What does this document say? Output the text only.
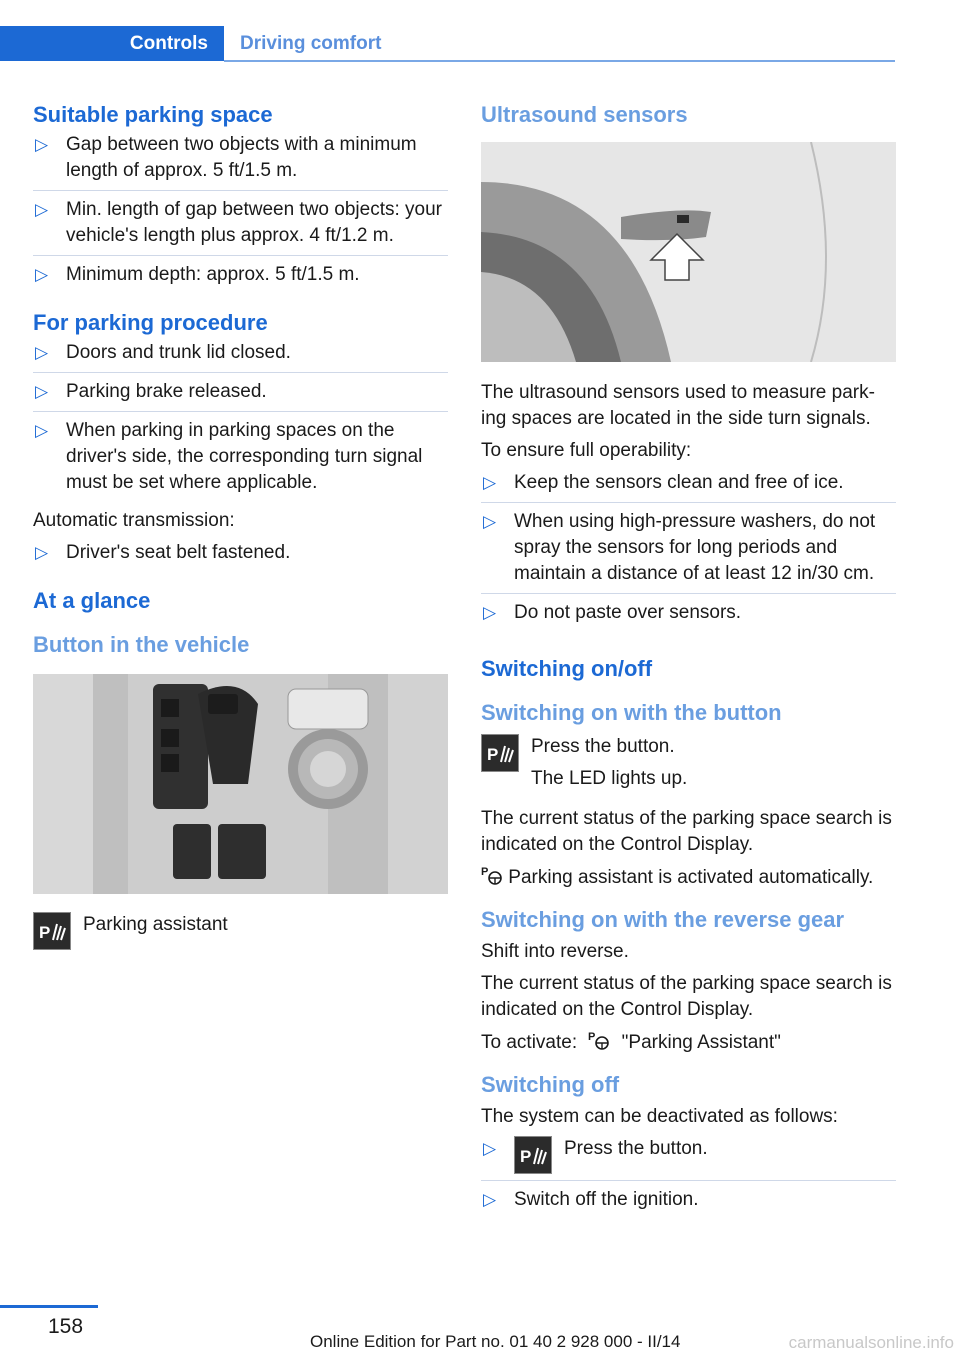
Controls	Driving comfort
Suitable parking space
▷ Gap between two objects with a minimum length of approx. 5 ft/1.5 m.
▷ Min. length of gap between two objects: your vehicle's length plus approx. 4 ft/1.2 m.
▷ Minimum depth: approx. 5 ft/1.5 m.
For parking procedure
▷ Doors and trunk lid closed.
▷ Parking brake released.
▷ When parking in parking spaces on the driver's side, the corresponding turn signal must be set where applicable.

Automatic transmission:

▷ Driver's seat belt fastened.
At a glance
Button in the vehicle
P Parking assistant
Ultrasound sensors

The ultrasound sensors used to measure park-ing spaces are located in the side turn signals.

To ensure full operability:

▷ Keep the sensors clean and free of ice.
▷ When using high-pressure washers, do not spray the sensors for long periods and maintain a distance of at least 12 in/30 cm.
▷ Do not paste over sensors.
Switching on/off
Switching on with the button
P Press the button.
The LED lights up.

The current status of the parking space search is indicated on the Control Display.

P Parking assistant is activated automatically.

Switching on with the reverse gear

Shift into reverse.

The current status of the parking space search is indicated on the Control Display.

To activate: P "Parking Assistant"

Switching off

The system can be deactivated as follows:

▷ P Press the button.
▷ Switch off the ignition.
158
Online Edition for Part no. 01 40 2 928 000 - II/14	carmanualsonline.info
